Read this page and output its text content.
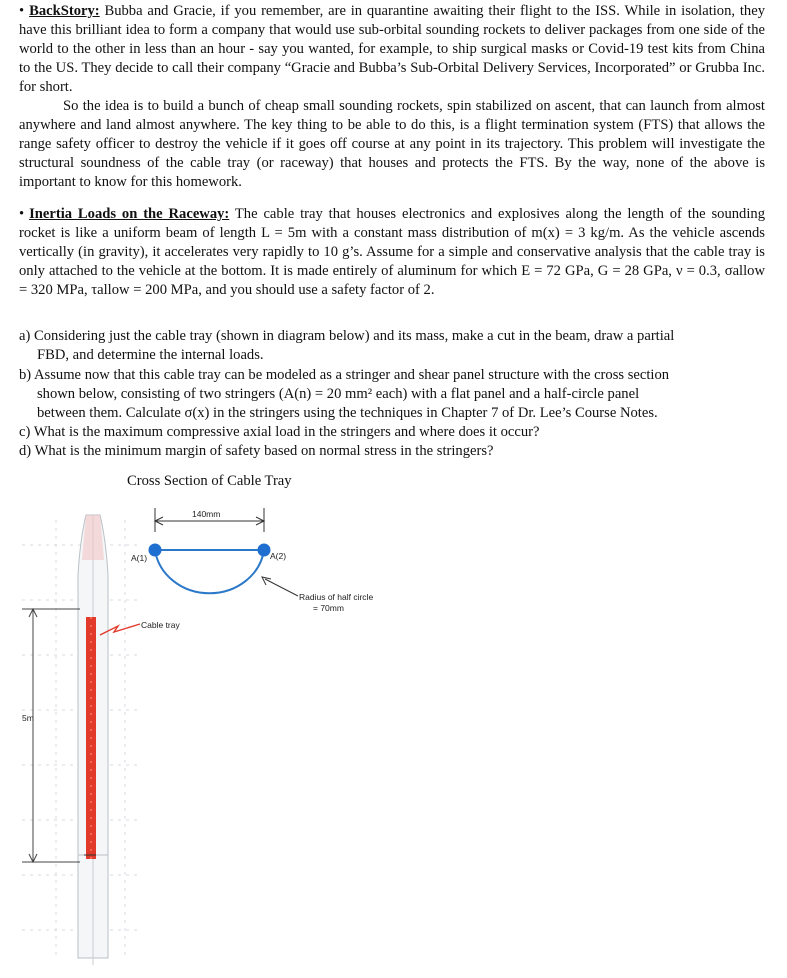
• BackStory: Bubba and Gracie, if you remember, are in quarantine awaiting their flight to the ISS. While in isolation, they have this brilliant idea to form a company that would use sub-orbital sounding rockets to deliver packages from one side of the world to the other in less than an hour - say you wanted, for example, to ship surgical masks or Covid-19 test kits from China to the US. They decide to call their company “Gracie and Bubba’s Sub-Orbital Delivery Services, Incorporated” or Grubba Inc. for short.
So the idea is to build a bunch of cheap small sounding rockets, spin stabilized on ascent, that can launch from almost anywhere and land almost anywhere. The key thing to be able to do this, is a flight termination system (FTS) that allows the range safety officer to destroy the vehicle if it goes off course at any point in its trajectory. This problem will investigate the structural soundness of the cable tray (or raceway) that houses and protects the FTS. By the way, none of the above is important to know for this homework.
• Inertia Loads on the Raceway: The cable tray that houses electronics and explosives along the length of the sounding rocket is like a uniform beam of length L = 5m with a constant mass distribution of m(x) = 3 kg/m. As the vehicle ascends vertically (in gravity), it accelerates very rapidly to 10 g’s. Assume for a simple and conservative analysis that the cable tray is only attached to the vehicle at the bottom. It is made entirely of aluminum for which E = 72 GPa, G = 28 GPa, ν = 0.3, σallow = 320 MPa, τallow = 200 MPa, and you should use a safety factor of 2.
a) Considering just the cable tray (shown in diagram below) and its mass, make a cut in the beam, draw a partial
FBD, and determine the internal loads.
b) Assume now that this cable tray can be modeled as a stringer and shear panel structure with the cross section
shown below, consisting of two stringers (A(n) = 20 mm² each) with a flat panel and a half-circle panel
between them. Calculate σ(x) in the stringers using the techniques in Chapter 7 of Dr. Lee’s Course Notes.
c) What is the maximum compressive axial load in the stringers and where does it occur?
d) What is the minimum margin of safety based on normal stress in the stringers?
Cross Section of Cable Tray
140mm
A(1)	A(2)
Radius of half circle
= 70mm
Cable tray
5m
